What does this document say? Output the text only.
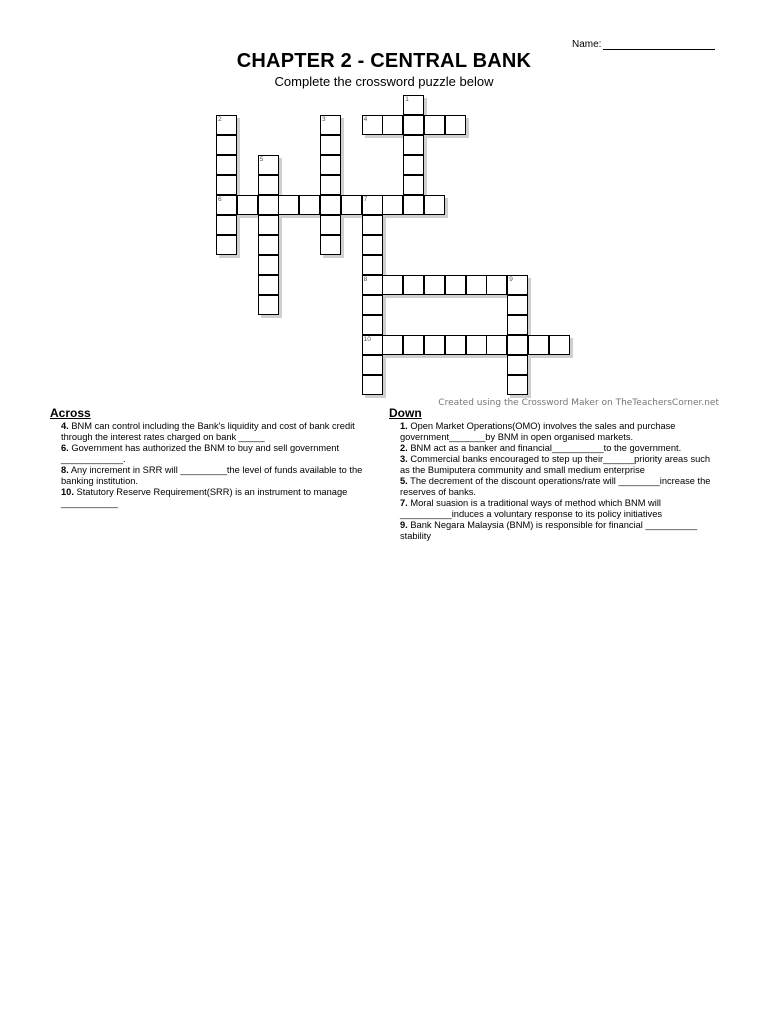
Name:
CHAPTER 2 - CENTRAL BANK
Complete the crossword puzzle below
1
2
6
3	4
5
7
8
10
9
Created using the Crossword Maker on TheTeachersCorner.net
Across
4. BNM can control including the Bank's liquidity and cost of bank credit through the interest rates charged on bank _____
6. Government has authorized the BNM to buy and sell government ____________.
8. Any increment in SRR will _________the level of funds available to the banking institution.
10. Statutory Reserve Requirement(SRR) is an instrument to manage ___________
Down
1. Open Market Operations(OMO) involves the sales and purchase government_______by BNM in open organised markets.
2. BNM act as a banker and financial__________to the government.
3. Commercial banks encouraged to step up their______priority areas such as the Bumiputera community and small medium enterprise
5. The decrement of the discount operations/rate will ________increase the reserves of banks.
7. Moral suasion is a traditional ways of method which BNM will __________induces a voluntary response to its policy initiatives
9. Bank Negara Malaysia (BNM) is responsible for financial __________ stability
